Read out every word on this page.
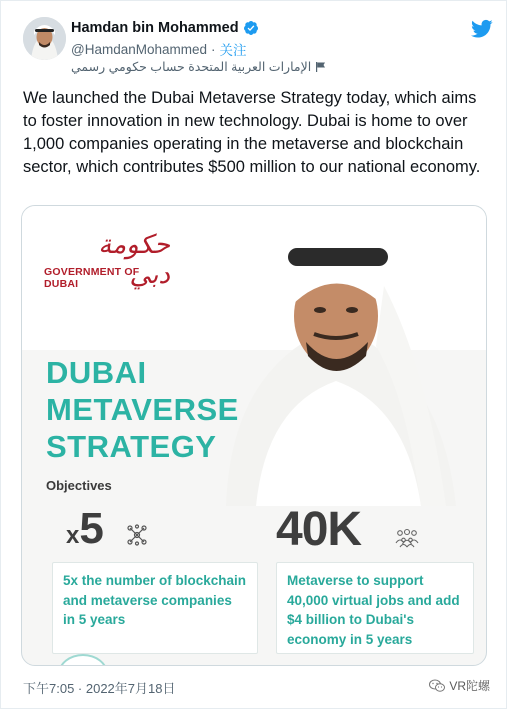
Hamdan bin Mohammed
@HamdanMohammed · 关注
الإمارات العربية المتحدة حساب حكومي رسمي
We launched the Dubai Metaverse Strategy today, which aims to foster innovation in new technology. Dubai is home to over 1,000 companies operating in the metaverse and blockchain sector, which contributes $500 million to our national economy.
حكومة دبي
GOVERNMENT OF DUBAI
DUBAI
METAVERSE
STRATEGY
Objectives
x 5	40K
5x the number of blockchain and metaverse companies in 5 years
Metaverse to support 40,000 virtual jobs and add $4 billion to Dubai's economy in 5 years
下午7:05 · 2022年7月18日	VR陀螺
